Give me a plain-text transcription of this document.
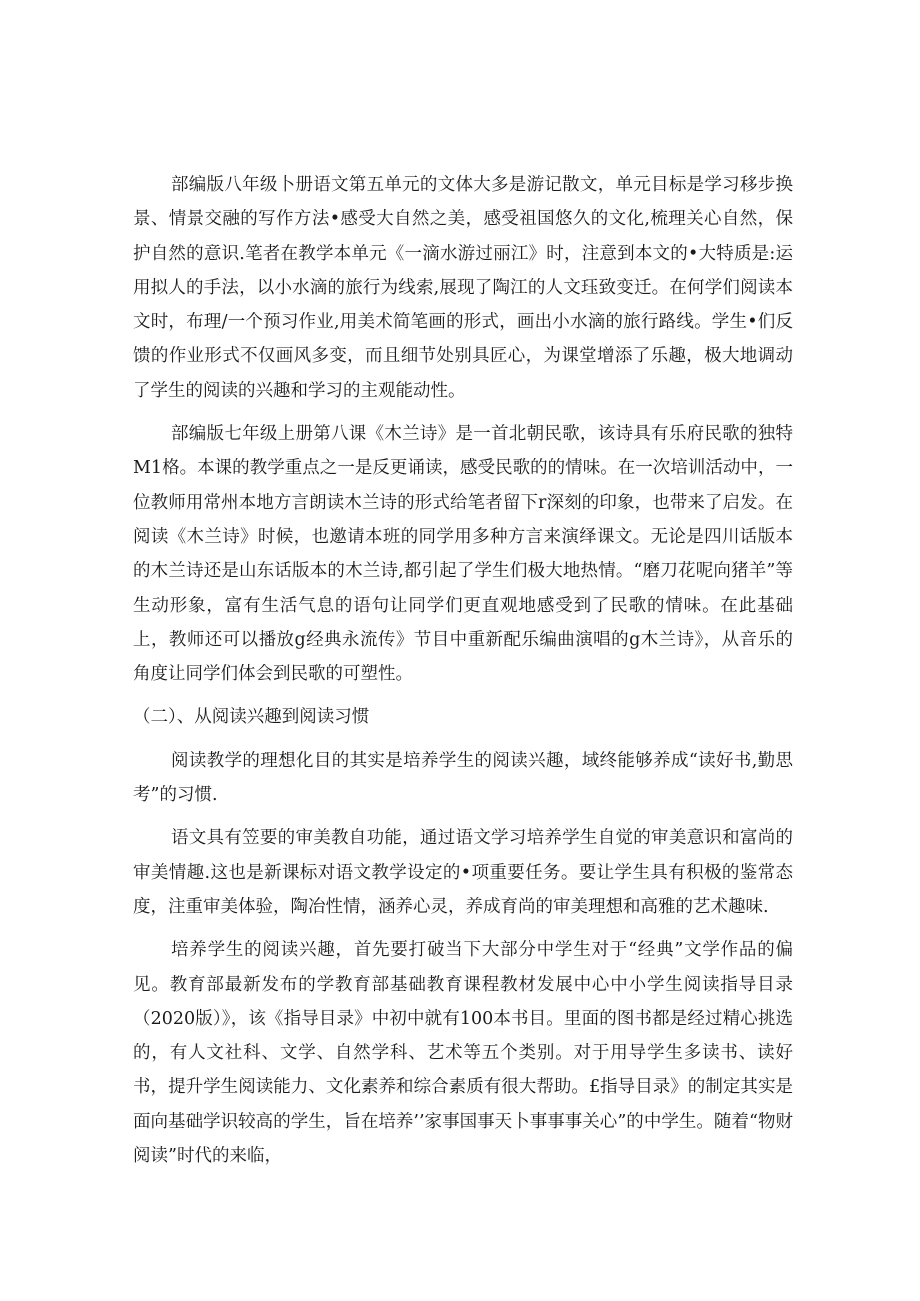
部编版八年级卜册语文第五单元的文体大多是游记散文，单元目标是学习移步换景、情景交融的写作方法•感受大自然之美，感受祖国悠久的文化,梳理关心自然，保护自然的意识.笔者在教学本单元《一滴水游过丽江》时，注意到本文的•大特质是:运用拟人的手法，以小水滴的旅行为线索,展现了陶江的人文珏致变迁。在何学们阅读本文时，布理/一个预习作业,用美术简笔画的形式，画出小水滴的旅行路线。学生•们反馈的作业形式不仅画风多变，而且细节处别具匠心，为课堂增添了乐趣，极大地调动了学生的阅读的兴趣和学习的主观能动性。

部编版七年级上册第八课《木兰诗》是一首北朝民歌，该诗具有乐府民歌的独特M1格。本课的教学重点之一是反更诵读，感受民歌的的情味。在一次培训活动中，一位教师用常州本地方言朗读木兰诗的形式给笔者留下r深刻的印象，也带来了启发。在阅读《木兰诗》时候，也邀请本班的同学用多种方言来演绎课文。无论是四川话版本的木兰诗还是山东话版本的木兰诗,都引起了学生们极大地热情。“磨刀花呢向猪羊”等生动形象，富有生活气息的语句让同学们更直观地感受到了民歌的情味。在此基础上，教师还可以播放g经典永流传》节目中重新配乐编曲演唱的g木兰诗》，从音乐的角度让同学们体会到民歌的可塑性。

（二）、从阅读兴趣到阅读习惯

阅读教学的理想化目的其实是培养学生的阅读兴趣，域终能够养成“读好书,勤思考”的习惯.

语文具有笠要的审美教自功能，通过语文学习培养学生自觉的审美意识和富尚的审美情趣.这也是新课标对语文教学设定的•项重要任务。要让学生具有积极的鉴常态度，注重审美体验，陶冶性情，涵养心灵，养成育尚的审美理想和高雅的艺术趣味.

培养学生的阅读兴趣，首先要打破当下大部分中学生对于“经典”文学作品的偏见。教育部最新发布的学教育部基础教育课程教材发展中心中小学生阅读指导目录（2020版）》，该《指导目录》中初中就有100本书目。里面的图书都是经过精心挑选的，有人文社科、文学、自然学科、艺术等五个类别。对于用导学生多读书、读好书，提升学生阅读能力、文化素养和综合素质有很大帮助。£指导目录》的制定其实是面向基础学识较高的学生，旨在培养’’家事国事天卜事事事关心”的中学生。随着“物财阅读”时代的来临，
